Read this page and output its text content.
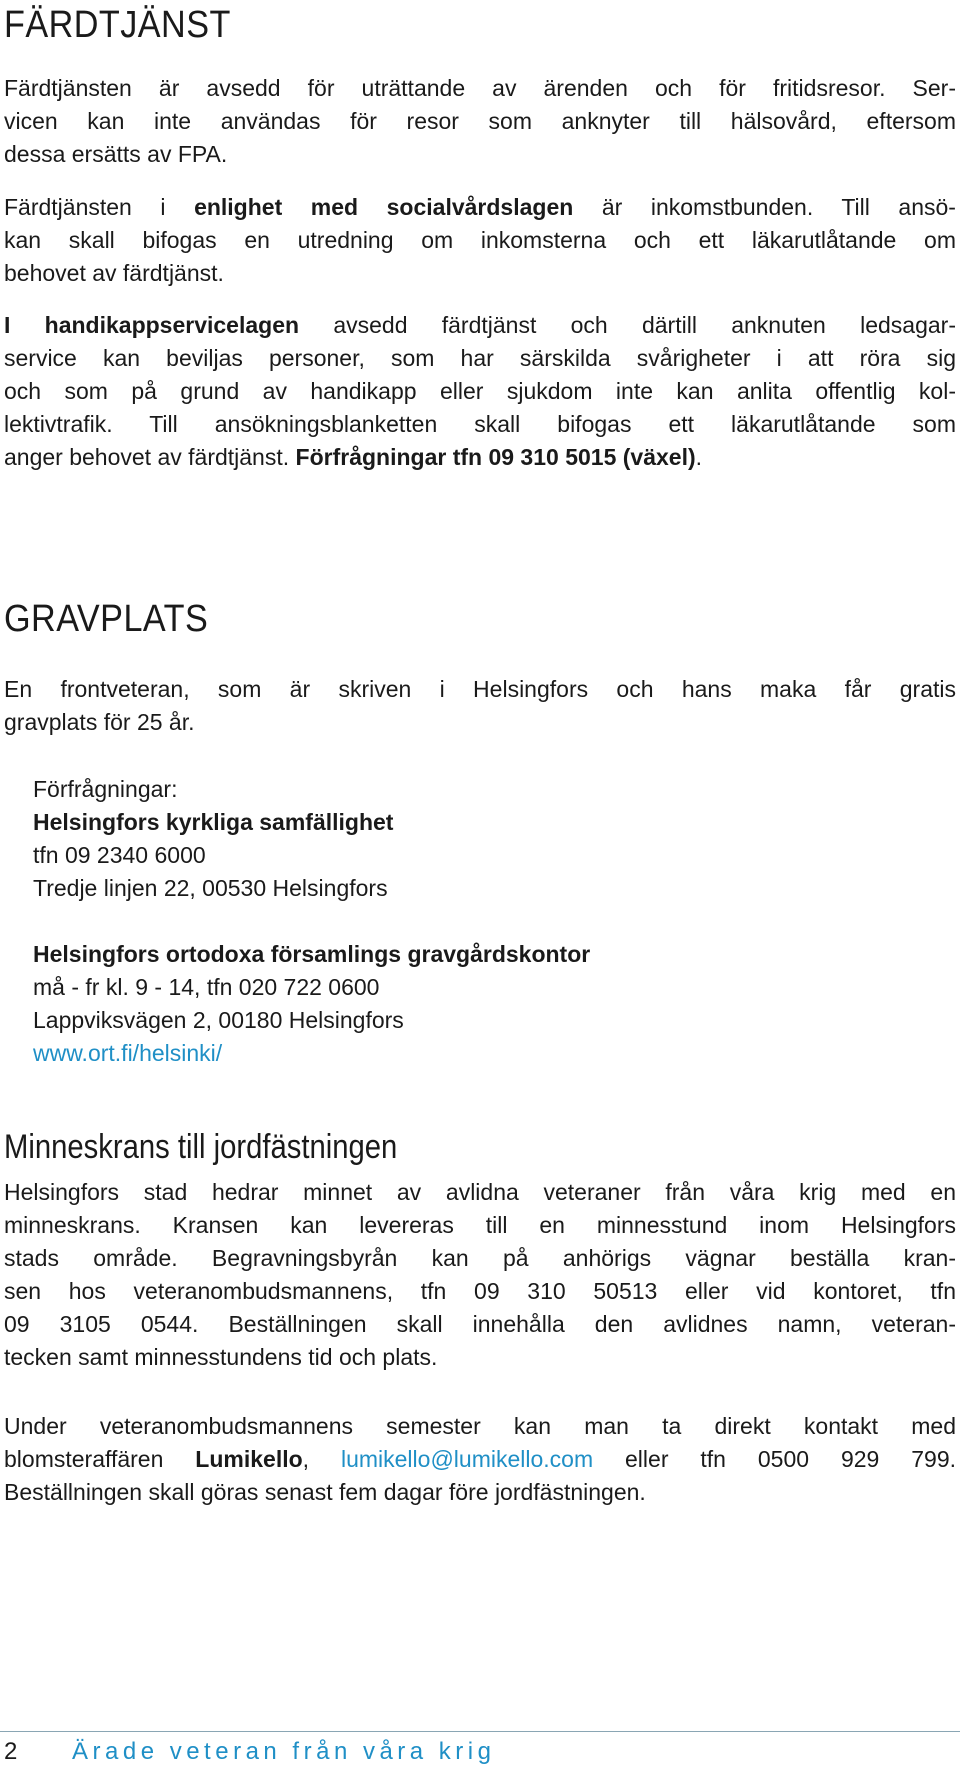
FÄRDTJÄNST

Färdtjänsten är avsedd för uträttande av ärenden och för fritidsresor. Ser-
vicen kan inte användas för resor som anknyter till hälsovård, eftersom
dessa ersätts av FPA.

Färdtjänsten i enlighet med socialvårdslagen är inkomstbunden. Till ansö-
kan skall bifogas en utredning om inkomsterna och ett läkarutlåtande om
behovet av färdtjänst.

I handikappservicelagen avsedd färdtjänst och därtill anknuten ledsagar-
service kan beviljas personer, som har särskilda svårigheter i att röra sig
och som på grund av handikapp eller sjukdom inte kan anlita offentlig kol-
lektivtrafik. Till ansökningsblanketten skall bifogas ett läkarutlåtande som
anger behovet av färdtjänst. Förfrågningar tfn 09 310 5015 (växel).

GRAVPLATS

En frontveteran, som är skriven i Helsingfors och hans maka får gratis
gravplats för 25 år.

Förfrågningar:
Helsingfors kyrkliga samfällighet
tfn 09 2340 6000
Tredje linjen 22, 00530 Helsingfors

Helsingfors ortodoxa församlings gravgårdskontor
må - fr kl. 9 - 14, tfn 020 722 0600
Lappviksvägen 2, 00180 Helsingfors
www.ort.fi/helsinki/

Minneskrans till jordfästningen

Helsingfors stad hedrar minnet av avlidna veteraner från våra krig med en
minneskrans. Kransen kan levereras till en minnesstund inom Helsingfors
stads område. Begravningsbyrån kan på anhörigs vägnar beställa kran-
sen hos veteranombudsmannens, tfn 09 310 50513 eller vid kontoret, tfn
09 3105 0544. Beställningen skall innehålla den avlidnes namn, veteran-
tecken samt minnesstundens tid och plats.

Under veteranombudsmannens semester kan man ta direkt kontakt med
blomsteraffären Lumikello, lumikello@lumikello.com eller tfn 0500 929 799.
Beställningen skall göras senast fem dagar före jordfästningen.

2 Ärade veteran från våra krig
